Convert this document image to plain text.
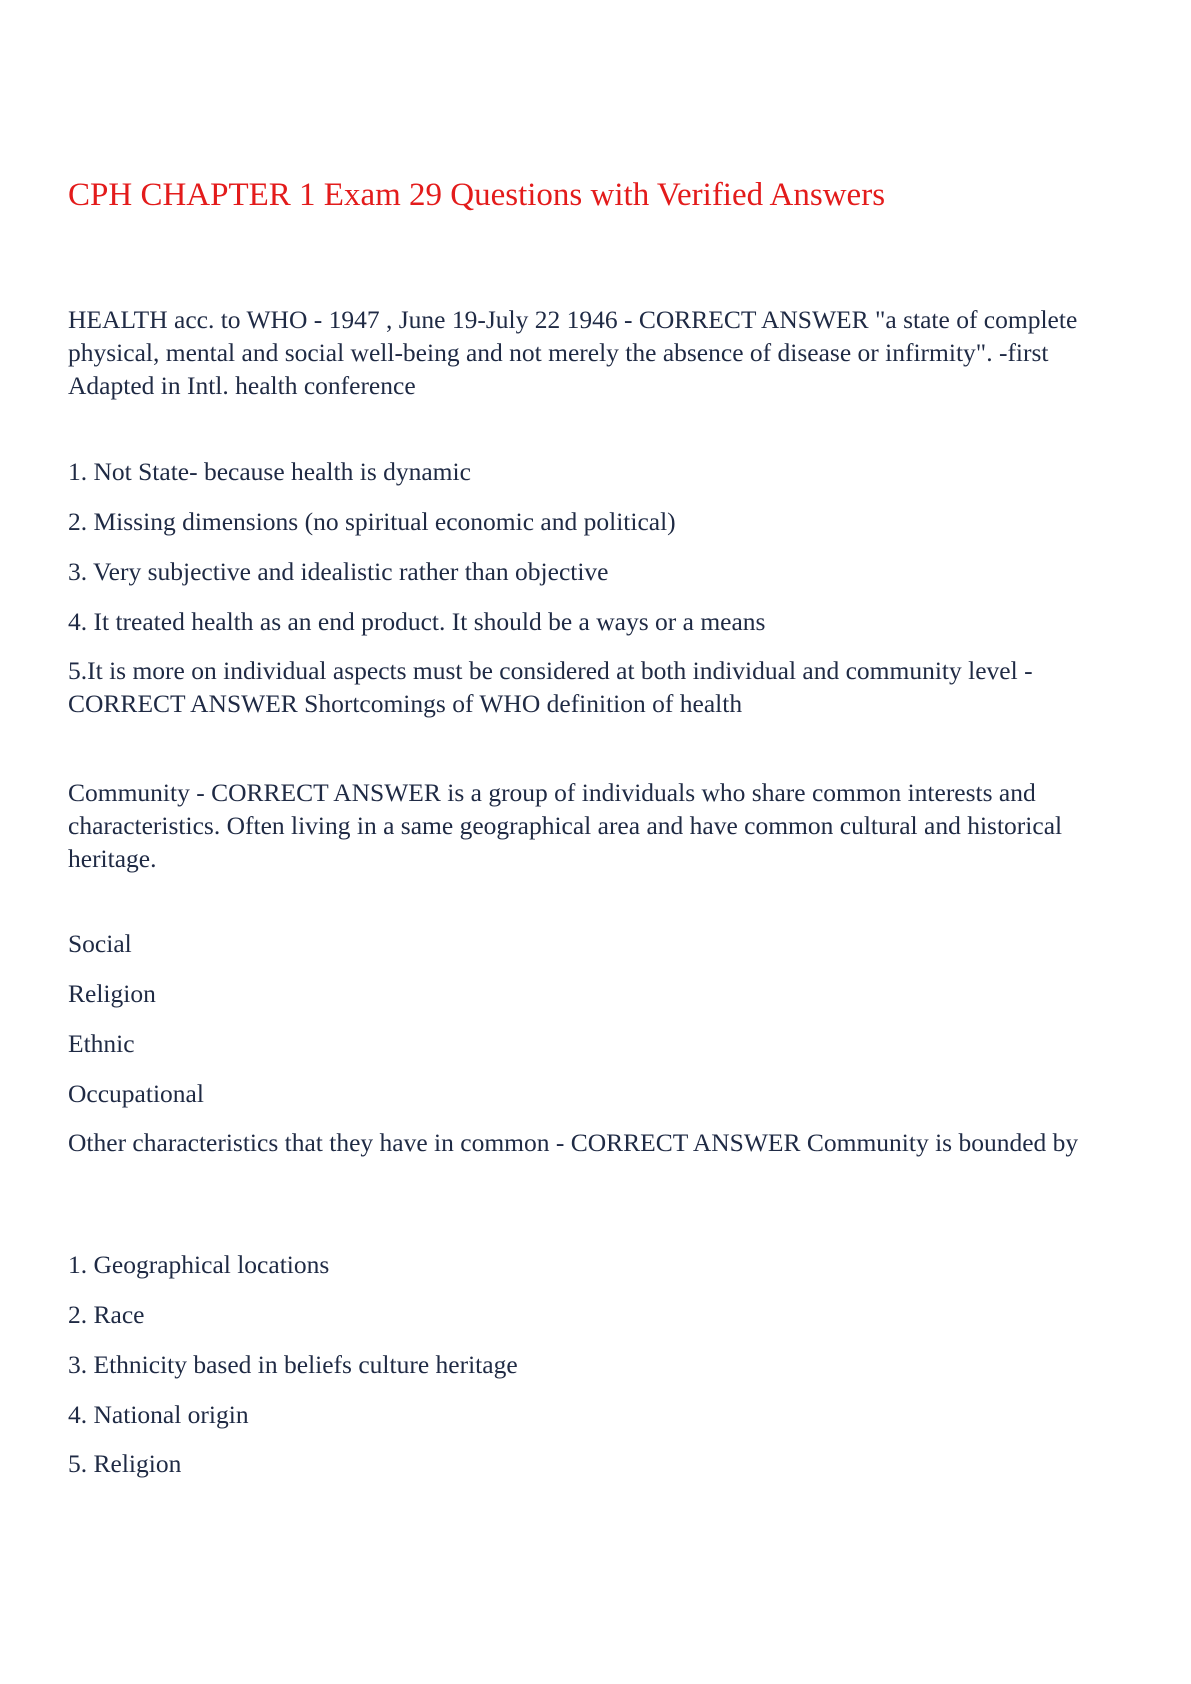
CPH CHAPTER 1 Exam 29 Questions with Verified Answers

HEALTH acc. to WHO - 1947 , June 19-July 22 1946 - CORRECT ANSWER "a state of complete physical, mental and social well-being and not merely the absence of disease or infirmity". -first Adapted in Intl. health conference

1. Not State- because health is dynamic

2. Missing dimensions (no spiritual economic and political)

3. Very subjective and idealistic rather than objective

4. It treated health as an end product. It should be a ways or a means

5.It is more on individual aspects must be considered at both individual and community level - CORRECT ANSWER Shortcomings of WHO definition of health

Community - CORRECT ANSWER is a group of individuals who share common interests and characteristics. Often living in a same geographical area and have common cultural and historical heritage.

Social

Religion

Ethnic

Occupational

Other characteristics that they have in common - CORRECT ANSWER Community is bounded by

1. Geographical locations

2. Race

3. Ethnicity based in beliefs culture heritage

4. National origin

5. Religion
